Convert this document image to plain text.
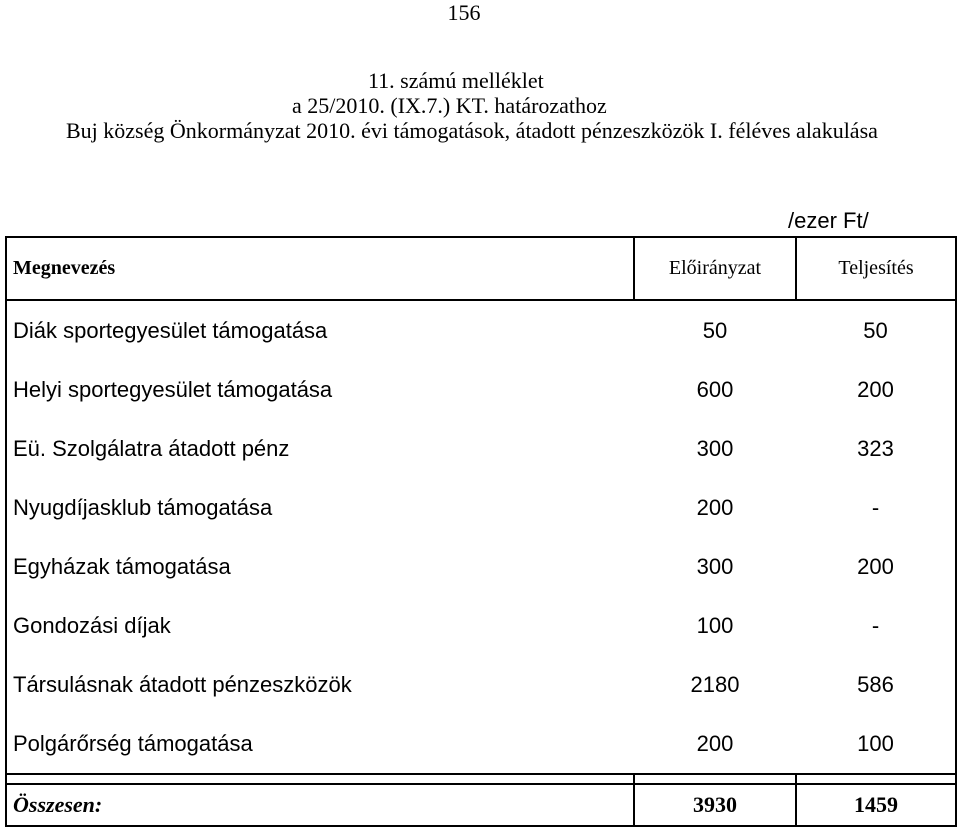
156
11. számú melléklet
a 25/2010. (IX.7.) KT. határozathoz
Buj község Önkormányzat 2010. évi támogatások, átadott pénzeszközök I. féléves alakulása
/ezer Ft/
Megnevezés	Előirányzat	Teljesítés
Diák sportegyesület támogatása	50	50
Helyi sportegyesület támogatása	600	200
Eü. Szolgálatra átadott pénz	300	323
Nyugdíjasklub támogatása	200	-
Egyházak támogatása	300	200
Gondozási díjak	100	-
Társulásnak átadott pénzeszközök	2180	586
Polgárőrség támogatása	200	100

Összesen:	3930	1459
